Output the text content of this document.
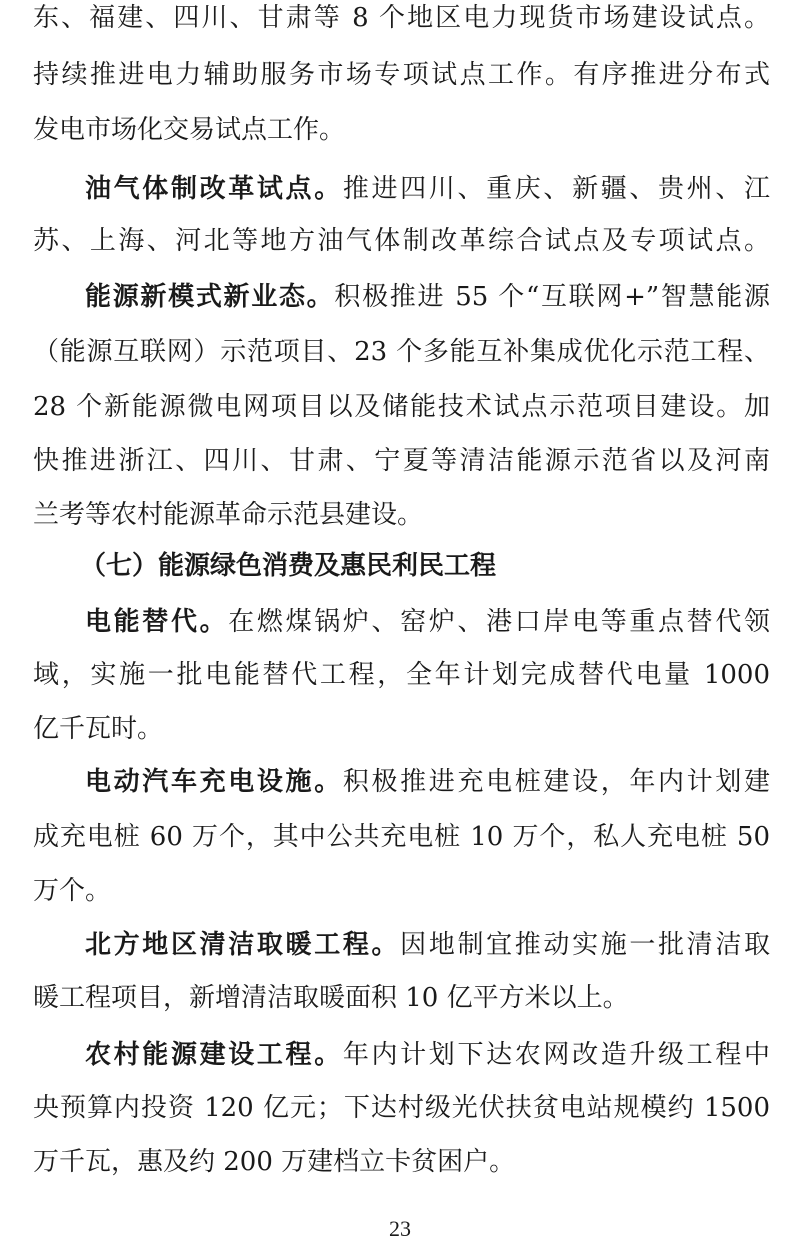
东、福建、四川、甘肃等 8 个地区电力现货市场建设试点。
持续推进电力辅助服务市场专项试点工作。有序推进分布式
发电市场化交易试点工作。
油气体制改革试点。推进四川、重庆、新疆、贵州、江
苏、上海、河北等地方油气体制改革综合试点及专项试点。
能源新模式新业态。积极推进 55 个“互联网+”智慧能源
（能源互联网）示范项目、23 个多能互补集成优化示范工程、
28 个新能源微电网项目以及储能技术试点示范项目建设。加
快推进浙江、四川、甘肃、宁夏等清洁能源示范省以及河南
兰考等农村能源革命示范县建设。
（七）能源绿色消费及惠民利民工程
电能替代。在燃煤锅炉、窑炉、港口岸电等重点替代领
域，实施一批电能替代工程，全年计划完成替代电量 1000
亿千瓦时。
电动汽车充电设施。积极推进充电桩建设，年内计划建
成充电桩 60 万个，其中公共充电桩 10 万个，私人充电桩 50
万个。
北方地区清洁取暖工程。因地制宜推动实施一批清洁取
暖工程项目，新增清洁取暖面积 10 亿平方米以上。
农村能源建设工程。年内计划下达农网改造升级工程中
央预算内投资 120 亿元；下达村级光伏扶贫电站规模约 1500
万千瓦，惠及约 200 万建档立卡贫困户。
23
